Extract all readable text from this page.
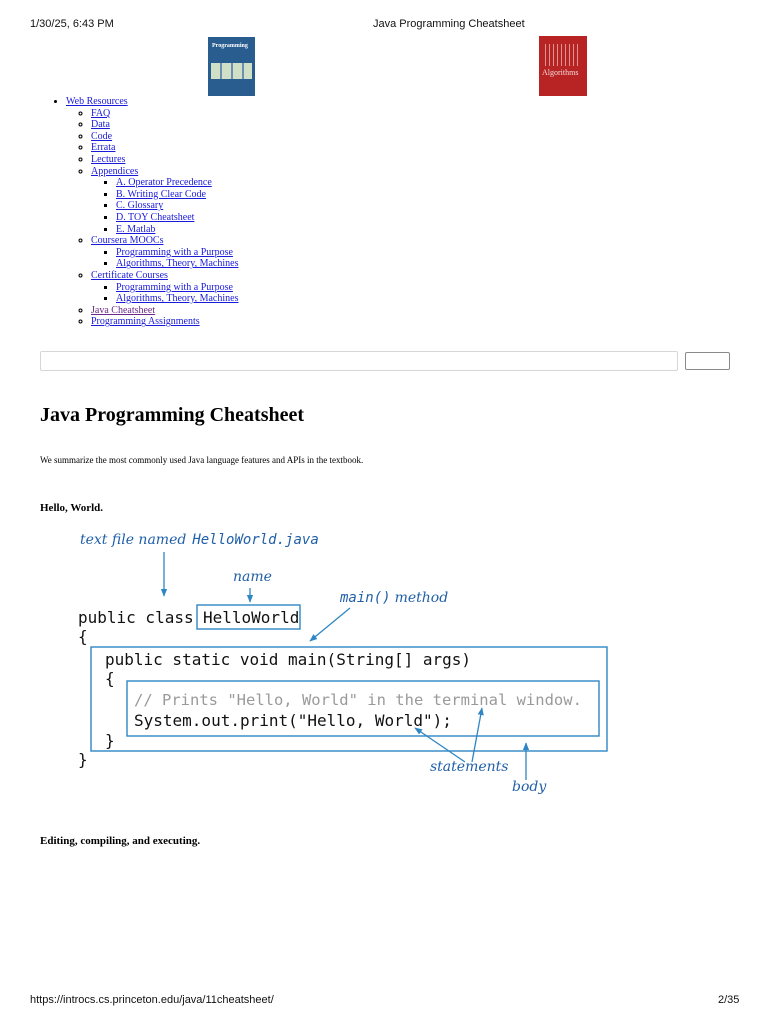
1/30/25, 6:43 PM	Java Programming Cheatsheet
Programming
Algorithms
• Web Resources
◦ FAQ
◦ Data
◦ Code
◦ Errata
◦ Lectures
◦ Appendices
▪ A. Operator Precedence
▪ B. Writing Clear Code
▪ C. Glossary
▪ D. TOY Cheatsheet
▪ E. Matlab
◦ Coursera MOOCs
▪ Programming with a Purpose
▪ Algorithms, Theory, Machines
◦ Certificate Courses
▪ Programming with a Purpose
▪ Algorithms, Theory, Machines
◦ Java Cheatsheet
◦ Programming Assignments
Java Programming Cheatsheet

We summarize the most commonly used Java language features and APIs in the textbook.

Hello, World.

text file named HelloWorld.java
name
main() method
public class HelloWorld
{
public static void main(String[] args)
{
// Prints "Hello, World" in the terminal window.
System.out.print("Hello, World");
}
}	statements
body

Editing, compiling, and executing.

https://introcs.cs.princeton.edu/java/11cheatsheet/	2/35
